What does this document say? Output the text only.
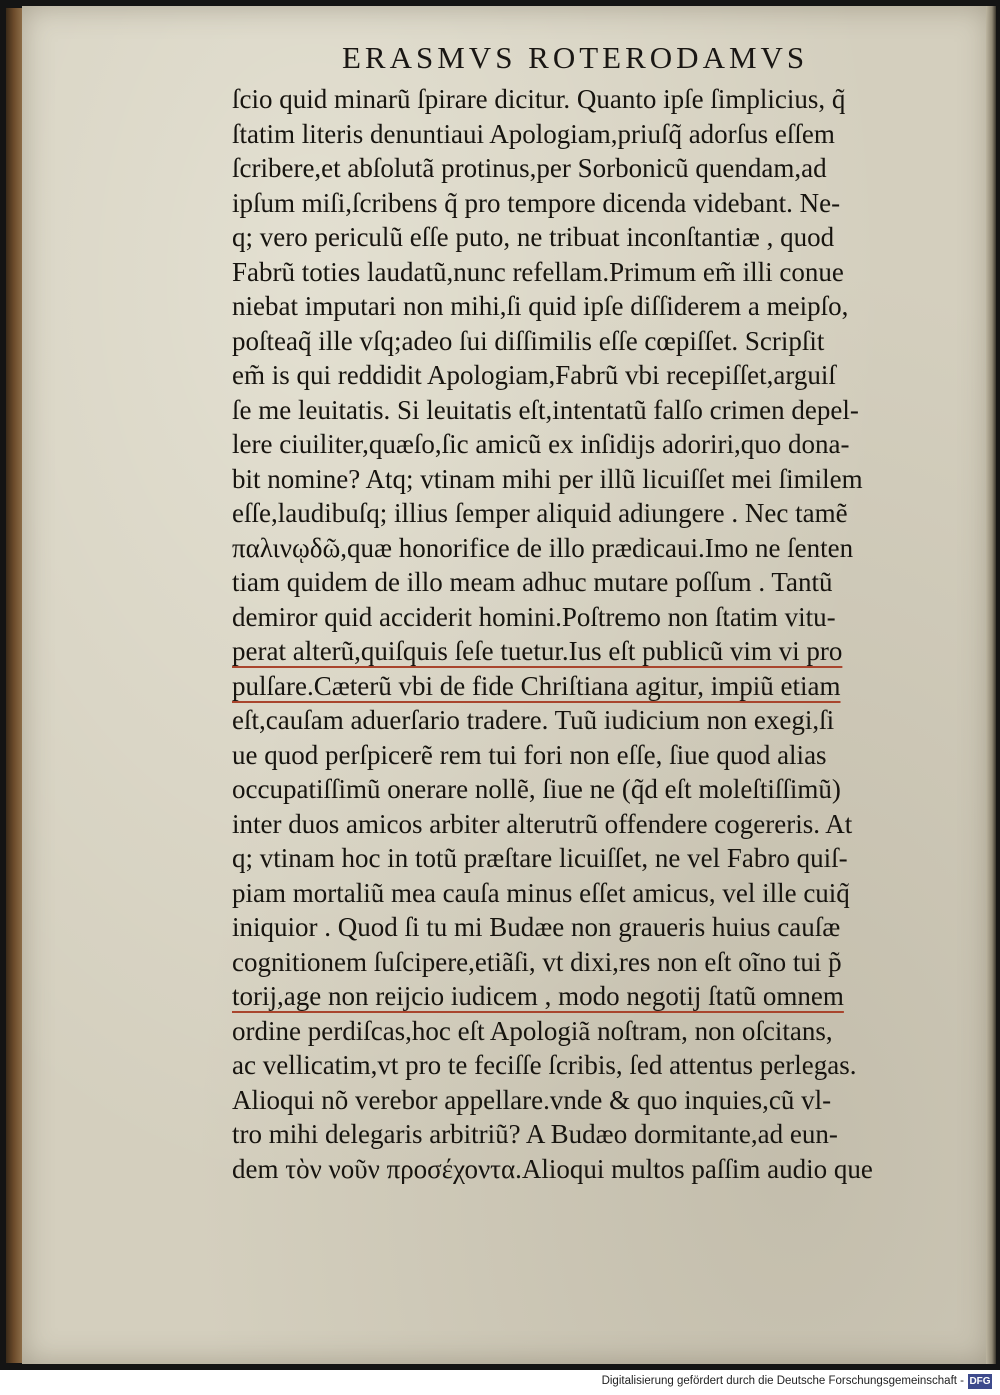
ERASMVS ROTERODAMVS
ſcio quid minarũ ſpirare dicitur. Quanto ipſe ſimplicius, q̃
ſtatim literis denuntiaui Apologiam,priuſq̃ adorſus eſſem
ſcribere,et abſolutã protinus,per Sorbonicũ quendam,ad
ipſum miſi,ſcribens q̃ pro tempore dicenda videbant. Ne-
q; vero periculũ eſſe puto, ne tribuat inconſtantiæ , quod
Fabrũ toties laudatũ,nunc refellam.Primum em̃ illi conue
niebat imputari non mihi,ſi quid ipſe diſſiderem a meipſo,
poſteaq̃ ille vſq;adeo ſui diſſimilis eſſe cœpiſſet. Scripſit
em̃ is qui reddidit Apologiam,Fabrũ vbi recepiſſet,arguiſ
ſe me leuitatis. Si leuitatis eſt,intentatũ falſo crimen depel-
lere ciuiliter,quæſo,ſic amicũ ex inſidijs adoriri,quo dona-
bit nomine? Atq; vtinam mihi per illũ licuiſſet mei ſimilem
eſſe,laudibuſq; illius ſemper aliquid adiungere . Nec tamẽ
παλινῳδῶ,quæ honorifice de illo prædicaui.Imo ne ſenten
tiam quidem de illo meam adhuc mutare poſſum . Tantũ
demiror quid acciderit homini.Poſtremo non ſtatim vitu-
perat alterũ,quiſquis ſeſe tuetur.Ius eſt publicũ vim vi pro
pulſare.Cæterũ vbi de fide Chriſtiana agitur, impiũ etiam
eſt,cauſam aduerſario tradere. Tuũ iudicium non exegi,ſi
ue quod perſpicerẽ rem tui fori non eſſe, ſiue quod alias
occupatiſſimũ onerare nollẽ, ſiue ne (q̃d eſt moleſtiſſimũ)
inter duos amicos arbiter alterutrũ offendere cogereris. At
q; vtinam hoc in totũ præſtare licuiſſet, ne vel Fabro quiſ-
piam mortaliũ mea cauſa minus eſſet amicus, vel ille cuiq̃
iniquior . Quod ſi tu mi Budæe non graueris huius cauſæ
cognitionem ſuſcipere,etiãſi, vt dixi,res non eſt oĩno tui p̃
torij,age non reijcio iudicem , modo negotij ſtatũ omnem
ordine perdiſcas,hoc eſt Apologiã noſtram, non oſcitans,
ac vellicatim,vt pro te feciſſe ſcribis, ſed attentus perlegas.
Alioqui nõ verebor appellare.vnde & quo inquies,cũ vl-
tro mihi delegaris arbitriũ? A Budæo dormitante,ad eun-
dem τὸν νοῦν προσέχοντα.Alioqui multos paſſim audio que
Digitalisierung gefördert durch die Deutsche Forschungsgemeinschaft - DFG
